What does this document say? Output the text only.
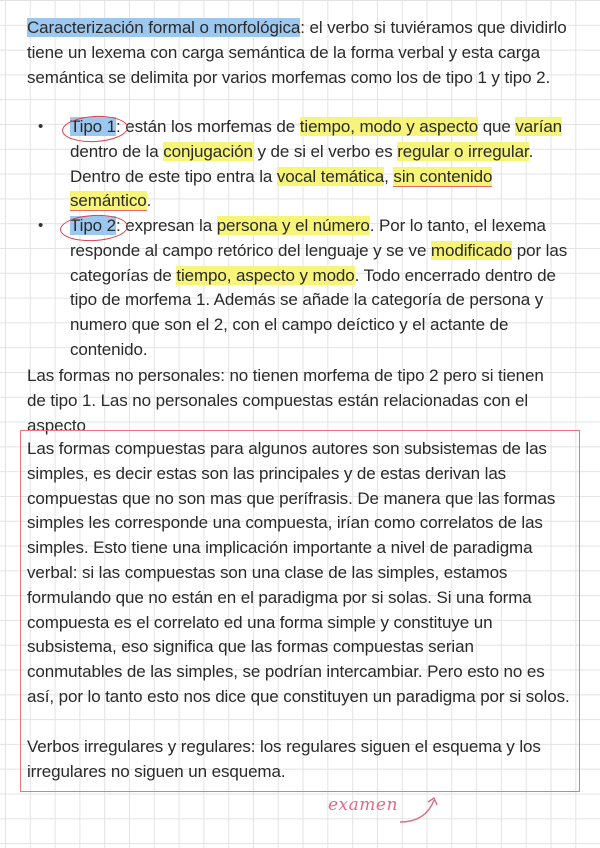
Caracterización formal o morfológica: el verbo si tuviéramos que dividirlo tiene un lexema con carga semántica de la forma verbal y esta carga semántica se delimita por varios morfemas como los de tipo 1 y tipo 2.

• Tipo 1: están los morfemas de tiempo, modo y aspecto que varían dentro de la conjugación y de si el verbo es regular o irregular. Dentro de este tipo entra la vocal temática, sin contenido semántico.

• Tipo 2: expresan la persona y el número. Por lo tanto, el lexema responde al campo retórico del lenguaje y se ve modificado por las categorías de tiempo, aspecto y modo. Todo encerrado dentro de tipo de morfema 1. Además se añade la categoría de persona y numero que son el 2, con el campo deíctico y el actante de contenido.

Las formas no personales: no tienen morfema de tipo 2 pero si tienen de tipo 1. Las no personales compuestas están relacionadas con el aspecto

Las formas compuestas para algunos autores son subsistemas de las simples, es decir estas son las principales y de estas derivan las compuestas que no son mas que perífrasis. De manera que las formas simples les corresponde una compuesta, irían como correlatos de las simples. Esto tiene una implicación importante a nivel de paradigma verbal: si las compuestas son una clase de las simples, estamos formulando que no están en el paradigma por si solas. Si una forma compuesta es el correlato ed una forma simple y constituye un subsistema, eso significa que las formas compuestas serian conmutables de las simples, se podrían intercambiar. Pero esto no es así, por lo tanto esto nos dice que constituyen un paradigma por si solos.

Verbos irregulares y regulares: los regulares siguen el esquema y los irregulares no siguen un esquema.

examen
